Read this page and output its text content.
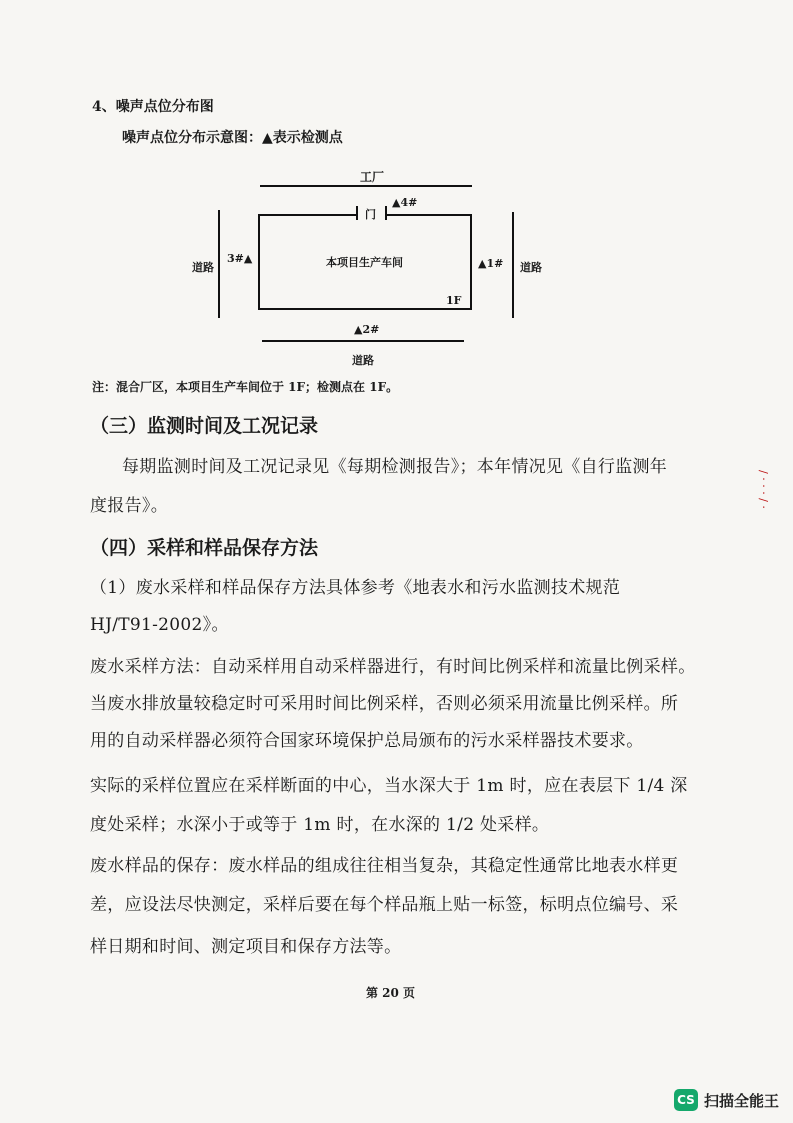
4、噪声点位分布图
噪声点位分布示意图：▲表示检测点
工厂
门
▲4#
本项目生产车间
1F
道路
3#▲
道路
▲1#
▲2#
道路
注：混合厂区，本项目生产车间位于 1F；检测点在 1F。
（三）监测时间及工况记录
每期监测时间及工况记录见《每期检测报告》；本年情况见《自行监测年
度报告》。
（四）采样和样品保存方法
（1）废水采样和样品保存方法具体参考《地表水和污水监测技术规范
HJ/T91-2002》。
废水采样方法：自动采样用自动采样器进行，有时间比例采样和流量比例采样。
当废水排放量较稳定时可采用时间比例采样，否则必须采用流量比例采样。所
用的自动采样器必须符合国家环境保护总局颁布的污水采样器技术要求。
实际的采样位置应在采样断面的中心，当水深大于 1m 时，应在表层下 1/4 深
度处采样；水深小于或等于 1m 时，在水深的 1/2 处采样。
废水样品的保存：废水样品的组成往往相当复杂，其稳定性通常比地表水样更
差，应设法尽快测定，采样后要在每个样品瓶上贴一标签，标明点位编号、采
样日期和时间、测定项目和保存方法等。
第 20 页
/ · · · / ·
CS 扫描全能王
